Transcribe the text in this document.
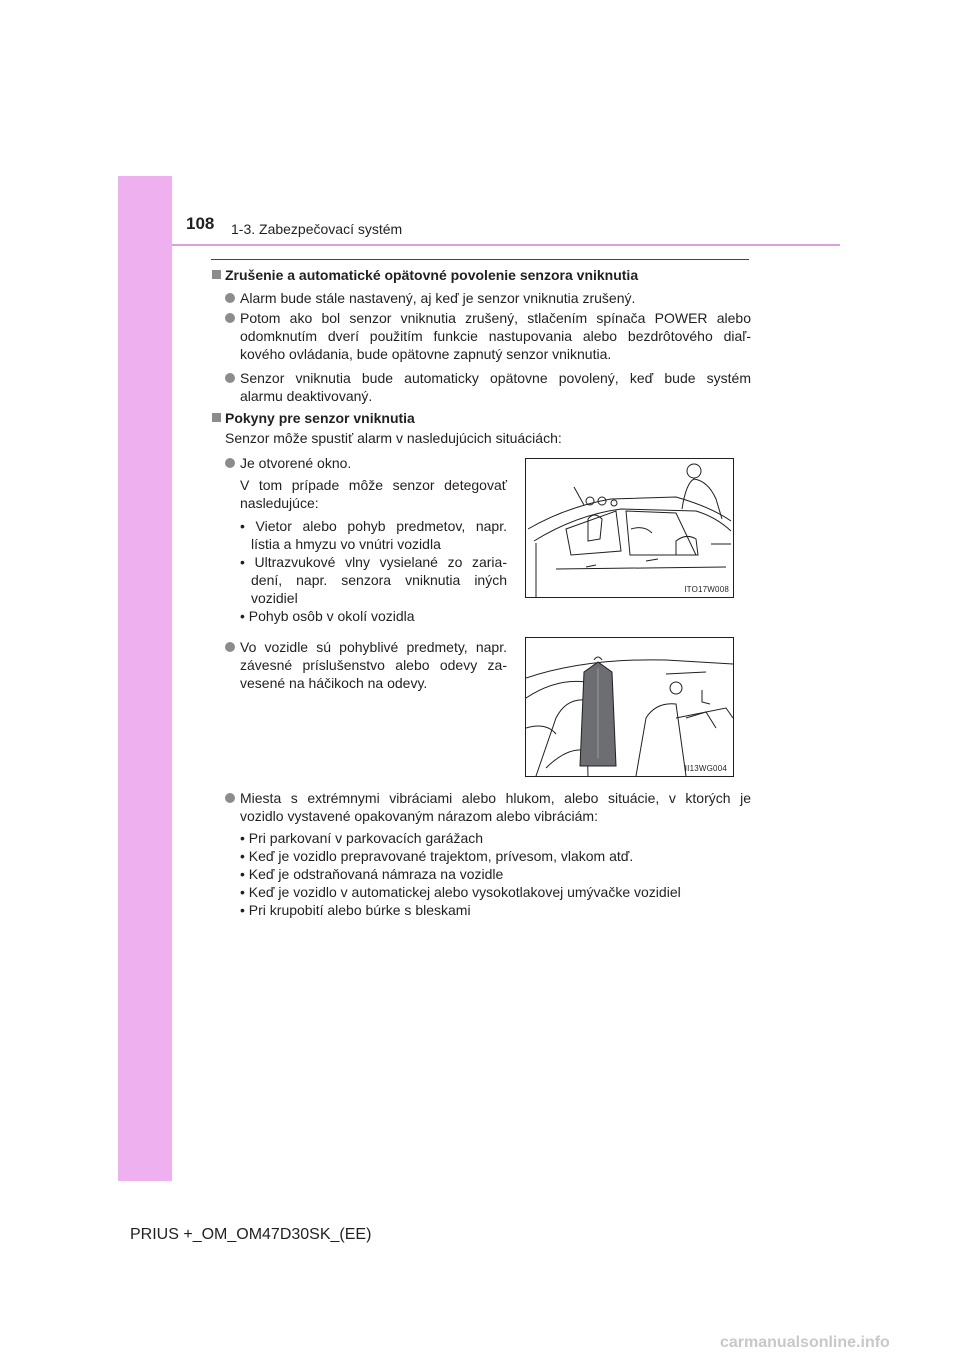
108 1-3. Zabezpečovací systém
Zrušenie a automatické opätovné povolenie senzora vniknutia
Alarm bude stále nastavený, aj keď je senzor vniknutia zrušený.
Potom ako bol senzor vniknutia zrušený, stlačením spínača POWER alebo
odomknutím dverí použitím funkcie nastupovania alebo bezdrôtového diaľ-
kového ovládania, bude opätovne zapnutý senzor vniknutia.
Senzor vniknutia bude automaticky opätovne povolený, keď bude systém
alarmu deaktivovaný.
Pokyny pre senzor vniknutia
Senzor môže spustiť alarm v nasledujúcich situáciách:
Je otvorené okno.
V tom prípade môže senzor detegovať
nasledujúce:
• Vietor alebo pohyb predmetov, napr.
lístia a hmyzu vo vnútri vozidla
• Ultrazvukové vlny vysielané zo zaria-
dení, napr. senzora vniknutia iných
vozidiel
• Pohyb osôb v okolí vozidla
ITO17W008
Vo vozidle sú pohyblivé predmety, napr.
závesné príslušenstvo alebo odevy za-
vesené na háčikoch na odevy.
II13WG004
Miesta s extrémnymi vibráciami alebo hlukom, alebo situácie, v ktorých je
vozidlo vystavené opakovaným nárazom alebo vibráciám:
• Pri parkovaní v parkovacích garážach
• Keď je vozidlo prepravované trajektom, prívesom, vlakom atď.
• Keď je odstraňovaná námraza na vozidle
• Keď je vozidlo v automatickej alebo vysokotlakovej umývačke vozidiel
• Pri krupobití alebo búrke s bleskami
PRIUS +_OM_OM47D30SK_(EE)
carmanualsonline.info
